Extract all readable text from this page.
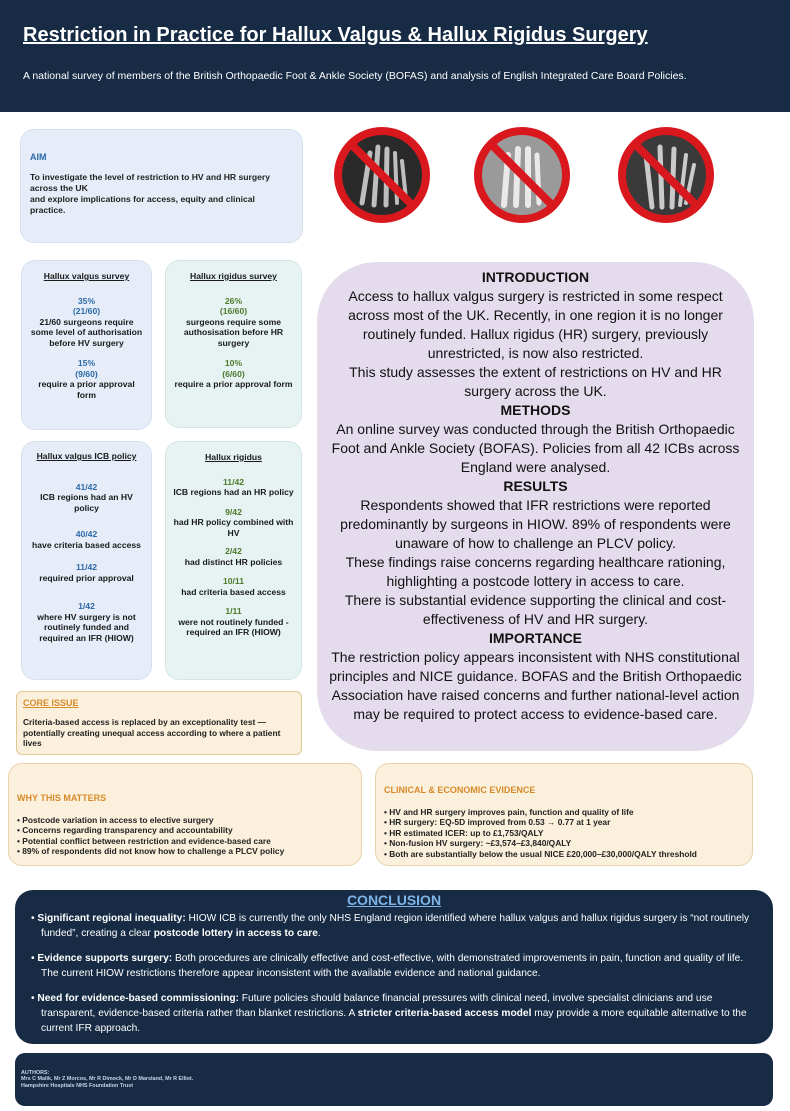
Restriction in Practice for Hallux Valgus & Hallux Rigidus Surgery
A national survey of members of the British Orthopaedic Foot & Ankle Society (BOFAS) and analysis of English Integrated Care Board Policies.
AIM
To investigate the level of restriction to HV and HR surgery across the UK
and explore implications for access, equity and clinical practice.
Hallux valgus survey
35%
(21/60)
21/60 surgeons require some level of authorisation before HV surgery
15%
(9/60)
require a prior approval form
Hallux rigidus survey
26%
(16/60)
surgeons require some authosisation before HR surgery
10%
(6/60)
require a prior approval form
Hallux valgus ICB policy
41/42
ICB regions had an HV policy
40/42
have criteria based access
11/42
required prior approval
1/42
where HV surgery is not routinely funded and required an IFR (HIOW)
Hallux rigidus
11/42
ICB regions had an HR policy
9/42
had HR policy combined with HV
2/42
had distinct HR policies
10/11
had criteria based access
1/11
were not routinely funded -required an IFR (HIOW)
INTRODUCTION
Access to hallux valgus surgery is restricted in some respect across most of the UK. Recently, in one region it is no longer routinely funded. Hallux rigidus (HR) surgery, previously unrestricted, is now also restricted.
This study assesses the extent of restrictions on HV and HR surgery across the UK.
METHODS
An online survey was conducted through the British Orthopaedic Foot and Ankle Society (BOFAS). Policies from all 42 ICBs across England were analysed.
RESULTS
Respondents showed that IFR restrictions were reported predominantly by surgeons in HIOW. 89% of respondents were unaware of how to challenge an PLCV policy.
These findings raise concerns regarding healthcare rationing, highlighting a postcode lottery in access to care.
There is substantial evidence supporting the clinical and cost-effectiveness of HV and HR surgery.
IMPORTANCE
The restriction policy appears inconsistent with NHS constitutional principles and NICE guidance. BOFAS and the British Orthopaedic Association have raised concerns and further national-level action may be required to protect access to evidence-based care.
CORE ISSUE
Criteria-based access is replaced by an exceptionality test — potentially creating unequal access according to where a patient lives
WHY THIS MATTERS
• Postcode variation in access to elective surgery
• Concerns regarding transparency and accountability
• Potential conflict between restriction and evidence-based care
• 89% of respondents did not know how to challenge a PLCV policy
CLINICAL & ECONOMIC EVIDENCE
• HV and HR surgery improves pain, function and quality of life
• HR surgery: EQ-5D improved from 0.53 → 0.77 at 1 year
• HR estimated ICER: up to £1,753/QALY
• Non-fusion HV surgery: ~£3,574–£3,840/QALY
• Both are substantially below the usual NICE £20,000–£30,000/QALY threshold
CONCLUSION
• Significant regional inequality: HIOW ICB is currently the only NHS England region identified where hallux valgus and hallux rigidus surgery is “not routinely funded”, creating a clear postcode lottery in access to care.
• Evidence supports surgery: Both procedures are clinically effective and cost-effective, with demonstrated improvements in pain, function and quality of life. The current HIOW restrictions therefore appear inconsistent with the available evidence and national guidance.
• Need for evidence-based commissioning: Future policies should balance financial pressures with clinical need, involve specialist clinicians and use transparent, evidence-based criteria rather than blanket restrictions. A stricter criteria-based access model may provide a more equitable alternative to the current IFR approach.
AUTHORS:
Mrs C Malik, Mr Z Morcos, Mr R Dimock, Mr D Marsland, Mr R Elliot.
Hampshire Hospitals NHS Foundation Trust
